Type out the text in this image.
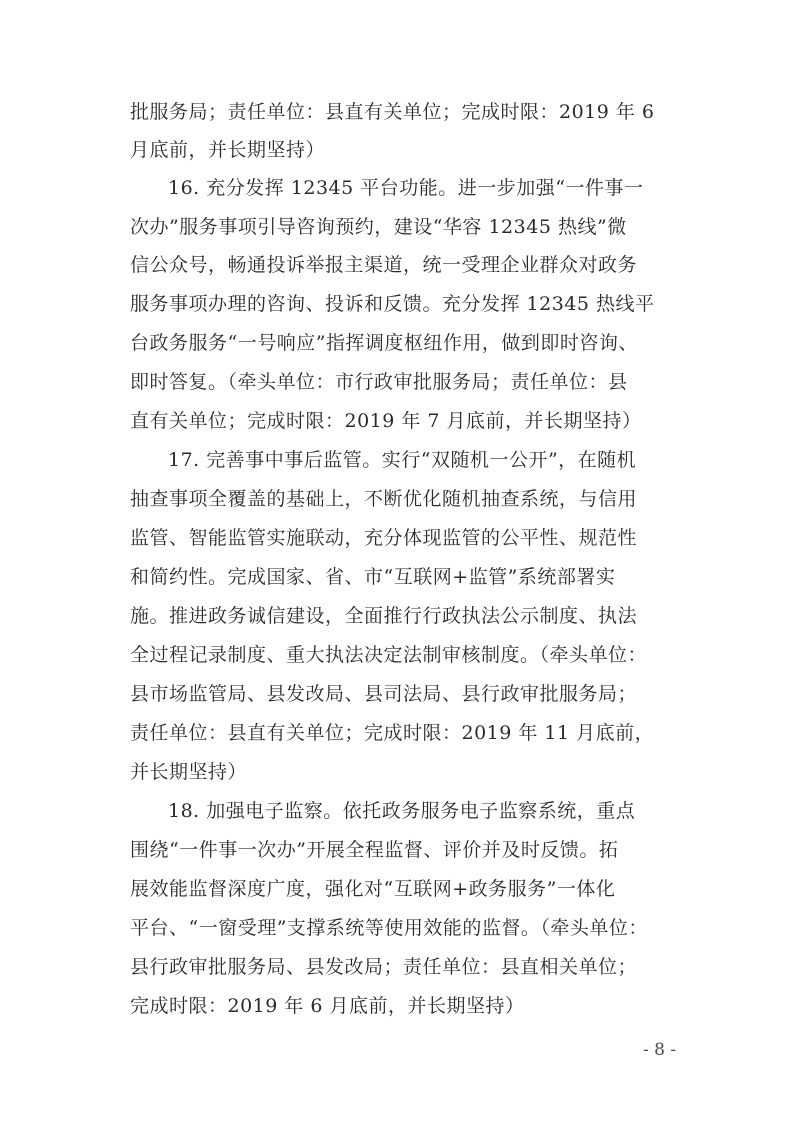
批服务局；责任单位：县直有关单位；完成时限：2019 年 6
月底前，并长期坚持）
16. 充分发挥 12345 平台功能。进一步加强“一件事一
次办”服务事项引导咨询预约，建设“华容 12345 热线”微
信公众号，畅通投诉举报主渠道，统一受理企业群众对政务
服务事项办理的咨询、投诉和反馈。充分发挥 12345 热线平
台政务服务“一号响应”指挥调度枢纽作用，做到即时咨询、
即时答复。（牵头单位：市行政审批服务局；责任单位：县
直有关单位；完成时限：2019 年 7 月底前，并长期坚持）
17. 完善事中事后监管。实行“双随机一公开”，在随机
抽查事项全覆盖的基础上，不断优化随机抽查系统，与信用
监管、智能监管实施联动，充分体现监管的公平性、规范性
和简约性。完成国家、省、市“互联网+监管”系统部署实
施。推进政务诚信建设，全面推行行政执法公示制度、执法
全过程记录制度、重大执法决定法制审核制度。（牵头单位：
县市场监管局、县发改局、县司法局、县行政审批服务局；
责任单位：县直有关单位；完成时限：2019 年 11 月底前，
并长期坚持）
18. 加强电子监察。依托政务服务电子监察系统，重点
围绕“一件事一次办”开展全程监督、评价并及时反馈。拓
展效能监督深度广度，强化对“互联网+政务服务”一体化
平台、“一窗受理”支撑系统等使用效能的监督。（牵头单位：
县行政审批服务局、县发改局；责任单位：县直相关单位；
完成时限：2019 年 6 月底前，并长期坚持）
- 8 -
